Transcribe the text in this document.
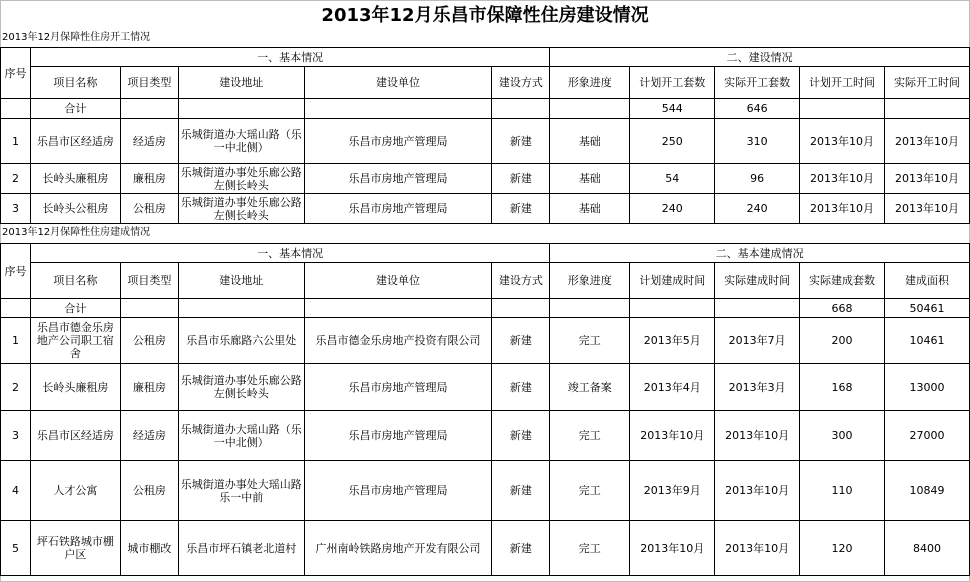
2013年12月乐昌市保障性住房建设情况
2013年12月保障性住房开工情况
序号	一、基本情况					二、建设情况				
	项目名称	项目类型	建设地址	建设单位	建设方式	形象进度	计划开工套数	实际开工套数	计划开工时间	实际开工时间
	合计						544	646		
1	乐昌市区经适房	经适房	乐城街道办大瑶山路（乐一中北侧）	乐昌市房地产管理局	新建	基础	250	310	2013年10月	2013年10月
2	长岭头廉租房	廉租房	乐城街道办事处乐廊公路左侧长岭头	乐昌市房地产管理局	新建	基础	54	96	2013年10月	2013年10月
3	长岭头公租房	公租房	乐城街道办事处乐廊公路左侧长岭头	乐昌市房地产管理局	新建	基础	240	240	2013年10月	2013年10月
2013年12月保障性住房建成情况
序号	一、基本情况					二、基本建成情况				
	项目名称	项目类型	建设地址	建设单位	建设方式	形象进度	计划建成时间	实际建成时间	实际建成套数	建成面积
	合计								668	50461
1	乐昌市德金乐房地产公司职工宿舍	公租房	乐昌市乐廊路六公里处	乐昌市德金乐房地产投资有限公司	新建	完工	2013年5月	2013年7月	200	10461
2	长岭头廉租房	廉租房	乐城街道办事处乐廊公路左侧长岭头	乐昌市房地产管理局	新建	竣工备案	2013年4月	2013年3月	168	13000
3	乐昌市区经适房	经适房	乐城街道办大瑶山路（乐一中北侧）	乐昌市房地产管理局	新建	完工	2013年10月	2013年10月	300	27000
4	人才公寓	公租房	乐城街道办事处大瑶山路乐一中前	乐昌市房地产管理局	新建	完工	2013年9月	2013年10月	110	10849
5	坪石铁路城市棚户区	城市棚改	乐昌市坪石镇老北道村	广州南岭铁路房地产开发有限公司	新建	完工	2013年10月	2013年10月	120	8400
